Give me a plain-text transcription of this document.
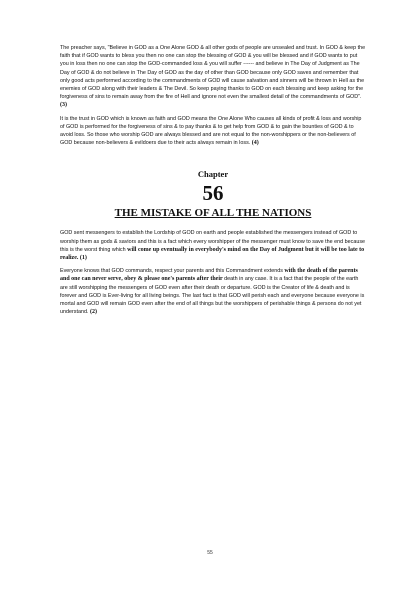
The preacher says, "Believe in GOD as a One Alone GOD & all other gods of people are unsealed and trust. In GOD & keep the faith that if GOD wants to bless you then no one can stop the blessing of GOD & you will be blessed and if GOD wants to put you in loss then no one can stop the GOD-commanded loss & you will suffer ------ and believe in The Day of Judgment as The Day of GOD & do not believe in The Day of GOD as the day of other than GOD because only GOD saves and remember that only good acts performed according to the commandments of GOD will cause salvation and sinners will be thrown in Hell as the enemies of GOD along with their leaders & The Devil. So keep paying thanks to GOD on each blessing and keep asking for the forgiveness of sins to remain away from the fire of Hell and ignore not even the smallest detail of the commandments of GOD". (3)

It is the trust in GOD which is known as faith and GOD means the One Alone Who causes all kinds of profit & loss and worship of GOD is performed for the forgiveness of sins & to pay thanks & to get help from GOD & to gain the bounties of GOD & to avoid loss. So those who worship GOD are always blessed and are not equal to the non-worshippers or the non-believers of GOD because non-believers & evildoers due to their acts always remain in loss. (4)

Chapter
56
THE MISTAKE OF ALL THE NATIONS

GOD sent messengers to establish the Lordship of GOD on earth and people established the messengers instead of GOD to worship them as gods & saviors and this is a fact which every worshipper of the messenger must know to save the end because this is the worst thing which will come up eventually in everybody's mind on the Day of Judgment but it will be too late to realize. (1)

Everyone knows that GOD commands, respect your parents and this Commandment extends with the death of the parents and one can never serve, obey & please one's parents after their death in any case. It is a fact that the people of the earth are still worshipping the messengers of GOD even after their death or departure. GOD is the Creator of life & death and is forever and GOD is Ever-living for all living beings. The last fact is that GOD will perish each and everyone because everyone is mortal and GOD will remain GOD even after the end of all things but the worshippers of perishable things & persons do not yet understand. (2)

55
